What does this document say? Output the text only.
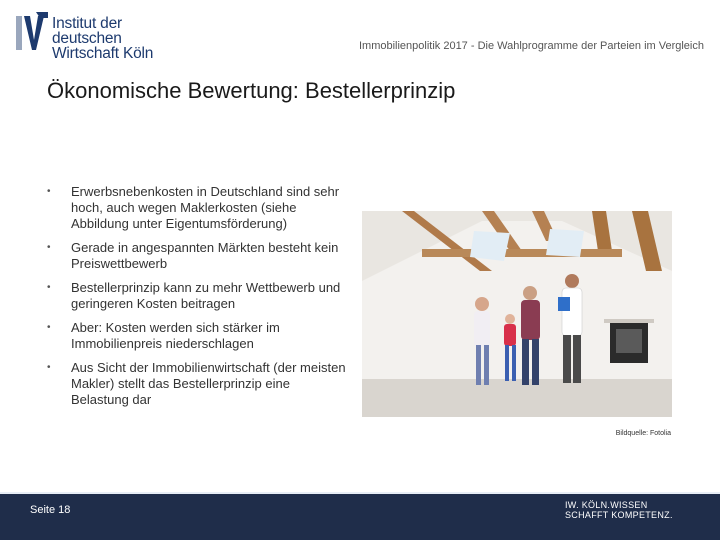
Institut der deutschen
Wirtschaft Köln	Immobilienpolitik 2017 - Die Wahlprogramme der Parteien im Vergleich
Ökonomische Bewertung: Bestellerprinzip
• Erwerbsnebenkosten in Deutschland sind sehr hoch, auch wegen Maklerkosten (siehe Abbildung unter Eigentumsförderung)
• Gerade in angespannten Märkten besteht kein Preiswettbewerb
• Bestellerprinzip kann zu mehr Wettbewerb und geringeren Kosten beitragen
• Aber: Kosten werden sich stärker im Immobilienpreis niederschlagen
• Aus Sicht der Immobilienwirtschaft (der meisten Makler) stellt das Bestellerprinzip eine Belastung dar
Bildquelle: Fotolia
Seite 18	IW. KÖLN.WISSEN
SCHAFFT KOMPETENZ.
